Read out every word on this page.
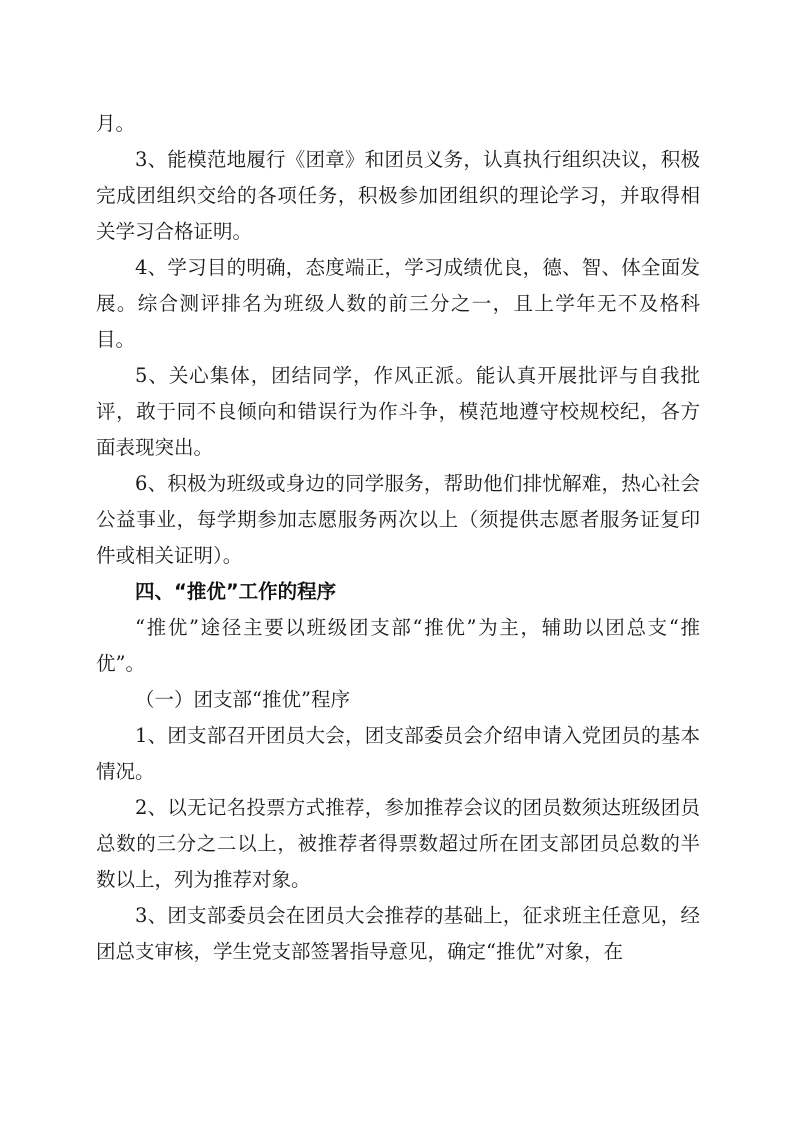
月。

3、能模范地履行《团章》和团员义务，认真执行组织决议，积极完成团组织交给的各项任务，积极参加团组织的理论学习，并取得相关学习合格证明。

4、学习目的明确，态度端正，学习成绩优良，德、智、体全面发展。综合测评排名为班级人数的前三分之一，且上学年无不及格科目。

5、关心集体，团结同学，作风正派。能认真开展批评与自我批评，敢于同不良倾向和错误行为作斗争，模范地遵守校规校纪，各方面表现突出。

6、积极为班级或身边的同学服务，帮助他们排忧解难，热心社会公益事业，每学期参加志愿服务两次以上（须提供志愿者服务证复印件或相关证明）。

四、“推优”工作的程序

“推优”途径主要以班级团支部“推优”为主，辅助以团总支“推优”。

（一）团支部“推优”程序

1、团支部召开团员大会，团支部委员会介绍申请入党团员的基本情况。

2、以无记名投票方式推荐，参加推荐会议的团员数须达班级团员总数的三分之二以上，被推荐者得票数超过所在团支部团员总数的半数以上，列为推荐对象。

3、团支部委员会在团员大会推荐的基础上，征求班主任意见，经团总支审核，学生党支部签署指导意见，确定“推优”对象，在
